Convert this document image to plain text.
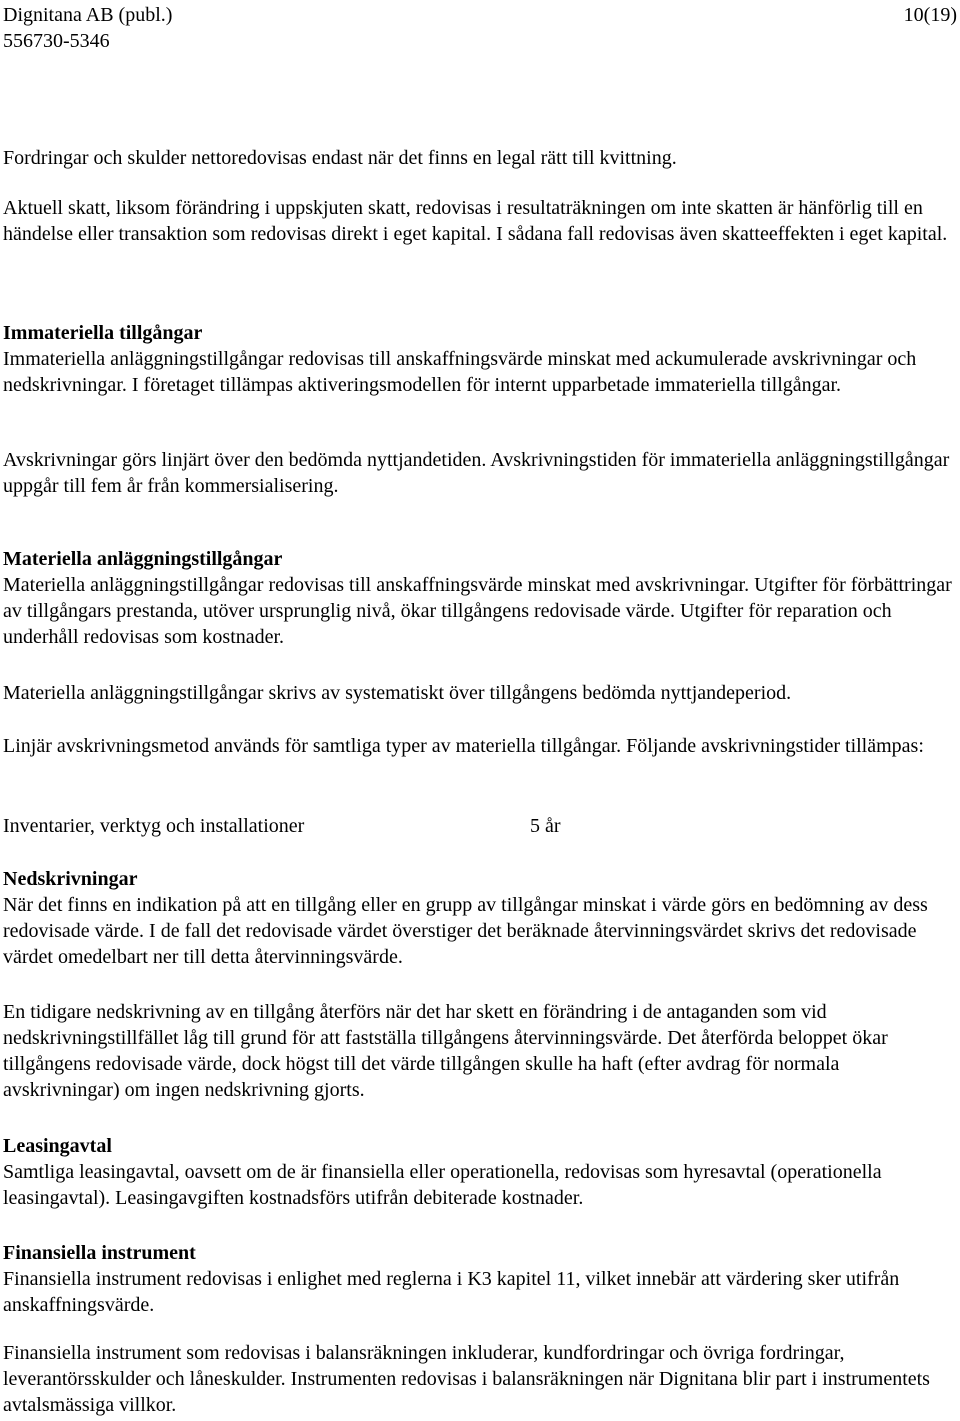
Dignitana AB (publ.)	10(19)
556730-5346

Fordringar och skulder nettoredovisas endast när det finns en legal rätt till kvittning.

Aktuell skatt, liksom förändring i uppskjuten skatt, redovisas i resultaträkningen om inte skatten är hänförlig till en händelse eller transaktion som redovisas direkt i eget kapital. I sådana fall redovisas även skatteeffekten i eget kapital.

Immateriella tillgångar
Immateriella anläggningstillgångar redovisas till anskaffningsvärde minskat med ackumulerade avskrivningar och nedskrivningar. I företaget tillämpas aktiveringsmodellen för internt upparbetade immateriella tillgångar.

Avskrivningar görs linjärt över den bedömda nyttjandetiden. Avskrivningstiden för immateriella anläggningstillgångar uppgår till fem år från kommersialisering.

Materiella anläggningstillgångar
Materiella anläggningstillgångar redovisas till anskaffningsvärde minskat med avskrivningar. Utgifter för förbättringar av tillgångars prestanda, utöver ursprunglig nivå, ökar tillgångens redovisade värde. Utgifter för reparation och underhåll redovisas som kostnader.

Materiella anläggningstillgångar skrivs av systematiskt över tillgångens bedömda nyttjandeperiod.

Linjär avskrivningsmetod används för samtliga typer av materiella tillgångar. Följande avskrivningstider tillämpas:

Inventarier, verktyg och installationer	5 år
Nedskrivningar
När det finns en indikation på att en tillgång eller en grupp av tillgångar minskat i värde görs en bedömning av dess redovisade värde. I de fall det redovisade värdet överstiger det beräknade återvinningsvärdet skrivs det redovisade värdet omedelbart ner till detta återvinningsvärde.

En tidigare nedskrivning av en tillgång återförs när det har skett en förändring i de antaganden som vid nedskrivningstillfället låg till grund för att fastställa tillgångens återvinningsvärde. Det återförda beloppet ökar tillgångens redovisade värde, dock högst till det värde tillgången skulle ha haft (efter avdrag för normala avskrivningar) om ingen nedskrivning gjorts.

Leasingavtal
Samtliga leasingavtal, oavsett om de är finansiella eller operationella, redovisas som hyresavtal (operationella leasingavtal). Leasingavgiften kostnadsförs utifrån debiterade kostnader.
Finansiella instrument
Finansiella instrument redovisas i enlighet med reglerna i K3 kapitel 11, vilket innebär att värdering sker utifrån anskaffningsvärde.

Finansiella instrument som redovisas i balansräkningen inkluderar, kundfordringar och övriga fordringar, leverantörsskulder och låneskulder. Instrumenten redovisas i balansräkningen när Dignitana blir part i instrumentets avtalsmässiga villkor.
